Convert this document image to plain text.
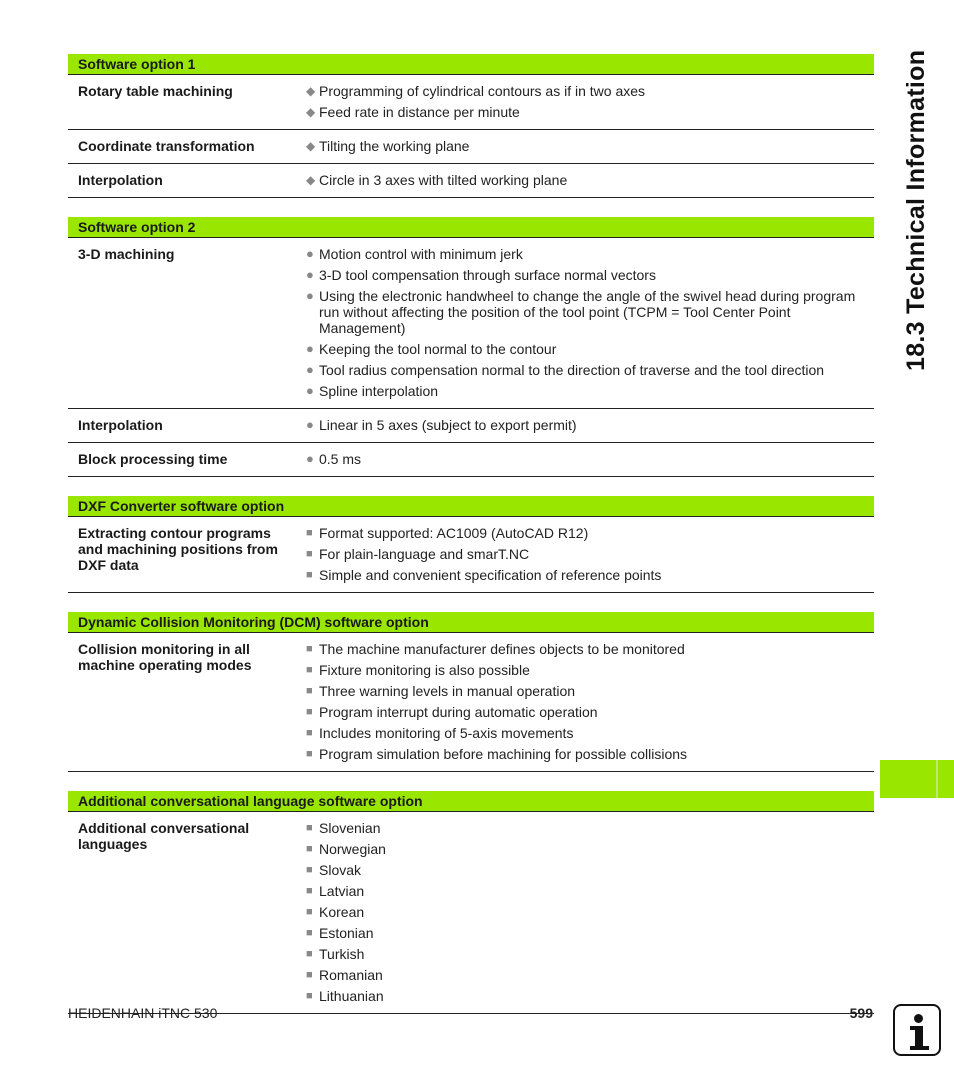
18.3 Technical Information
Software option 1
Rotary table machining	◆ Programming of cylindrical contours as if in two axes
◆ Feed rate in distance per minute
Coordinate transformation	◆ Tilting the working plane
Interpolation	◆ Circle in 3 axes with tilted working plane
Software option 2
3-D machining	● Motion control with minimum jerk
● 3-D tool compensation through surface normal vectors
● Using the electronic handwheel to change the angle of the swivel head during program run without affecting the position of the tool point (TCPM = Tool Center Point Management)
● Keeping the tool normal to the contour
● Tool radius compensation normal to the direction of traverse and the tool direction
● Spline interpolation
Interpolation	● Linear in 5 axes (subject to export permit)
Block processing time	● 0.5 ms
DXF Converter software option
Extracting contour programs and machining positions from DXF data
■ Format supported: AC1009 (AutoCAD R12)
■ For plain-language and smarT.NC
■ Simple and convenient specification of reference points
Dynamic Collision Monitoring (DCM) software option
Collision monitoring in all machine operating modes
■ The machine manufacturer defines objects to be monitored
■ Fixture monitoring is also possible
■ Three warning levels in manual operation
■ Program interrupt during automatic operation
■ Includes monitoring of 5-axis movements
■ Program simulation before machining for possible collisions
Additional conversational language software option
Additional conversational languages
■ Slovenian
■ Norwegian
■ Slovak
■ Latvian
■ Korean
■ Estonian
■ Turkish
■ Romanian
■ Lithuanian
HEIDENHAIN iTNC 530	599
